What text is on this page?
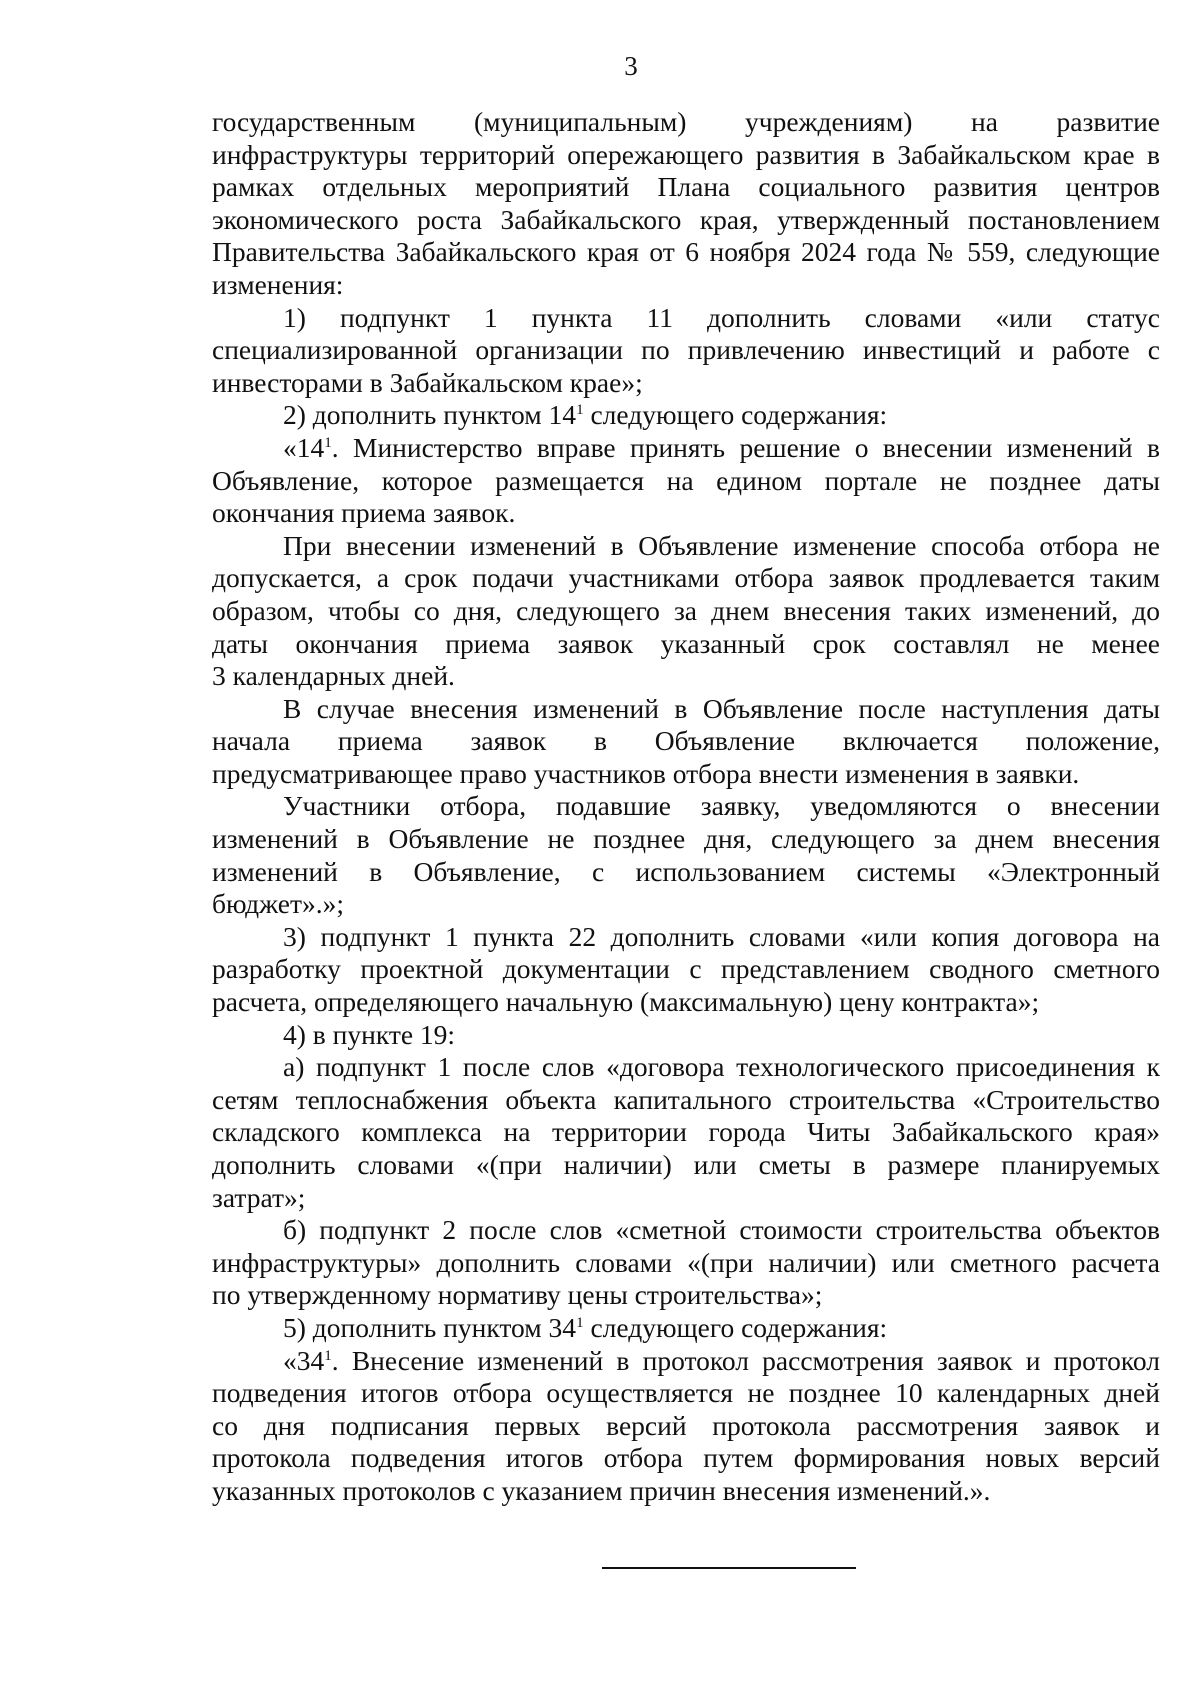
3
государственным (муниципальным) учреждениям) на развитие
инфраструктуры территорий опережающего развития в Забайкальском крае в
рамках отдельных мероприятий Плана социального развития центров
экономического роста Забайкальского края, утвержденный постановлением
Правительства Забайкальского края от 6 ноября 2024 года № 559, следующие
изменения:
1) подпункт 1 пункта 11 дополнить словами «или статус
специализированной организации по привлечению инвестиций и работе с
инвесторами в Забайкальском крае»;
2) дополнить пунктом $14^1$ следующего содержания:
«$14^1$. Министерство вправе принять решение о внесении изменений в
Объявление, которое размещается на едином портале не позднее даты
окончания приема заявок.
При внесении изменений в Объявление изменение способа отбора не
допускается, а срок подачи участниками отбора заявок продлевается таким
образом, чтобы со дня, следующего за днем внесения таких изменений, до
даты окончания приема заявок указанный срок составлял не менее
3 календарных дней.
В случае внесения изменений в Объявление после наступления даты
начала приема заявок в Объявление включается положение,
предусматривающее право участников отбора внести изменения в заявки.
Участники отбора, подавшие заявку, уведомляются о внесении
изменений в Объявление не позднее дня, следующего за днем внесения
изменений в Объявление, с использованием системы «Электронный
бюджет».»;
3) подпункт 1 пункта 22 дополнить словами «или копия договора на
разработку проектной документации с представлением сводного сметного
расчета, определяющего начальную (максимальную) цену контракта»;
4) в пункте 19:
а) подпункт 1 после слов «договора технологического присоединения к
сетям теплоснабжения объекта капитального строительства «Строительство
складского комплекса на территории города Читы Забайкальского края»
дополнить словами «(при наличии) или сметы в размере планируемых
затрат»;
б) подпункт 2 после слов «сметной стоимости строительства объектов
инфраструктуры» дополнить словами «(при наличии) или сметного расчета
по утвержденному нормативу цены строительства»;
5) дополнить пунктом $34^1$ следующего содержания:
«$34^1$. Внесение изменений в протокол рассмотрения заявок и протокол
подведения итогов отбора осуществляется не позднее 10 календарных дней
со дня подписания первых версий протокола рассмотрения заявок и
протокола подведения итогов отбора путем формирования новых версий
указанных протоколов с указанием причин внесения изменений.».
